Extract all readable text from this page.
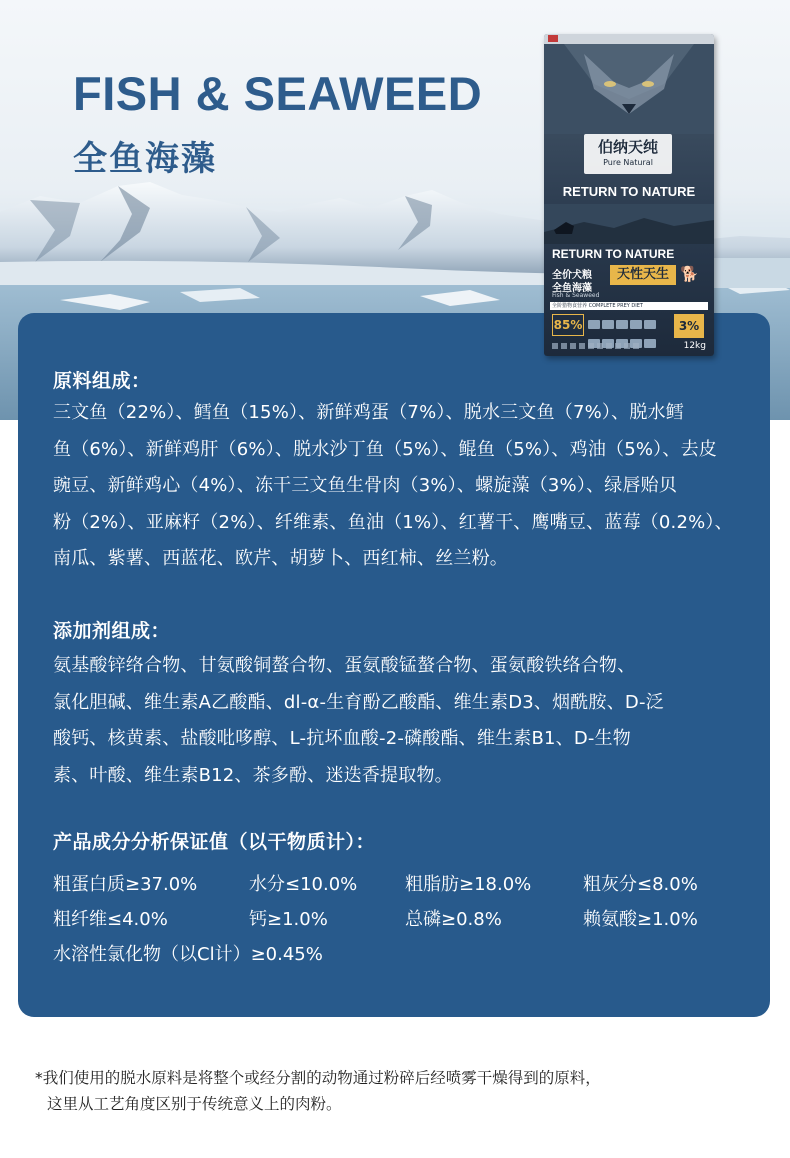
FISH & SEAWEED
全鱼海藻	伯纳天纯
Pure Natural
RETURN TO NATURE
RETURN TO NATURE
全价犬粮
全鱼海藻
Fish & Seaweed
天性天生 🐕
全阶猎物食营养 COMPLETE PREY DIET
85%
	3%
12kg
原料组成：
三文鱼（22%）、鳕鱼（15%）、新鲜鸡蛋（7%）、脱水三文鱼（7%）、脱水鳕
鱼（6%）、新鲜鸡肝（6%）、脱水沙丁鱼（5%）、鲲鱼（5%）、鸡油（5%）、去皮
豌豆、新鲜鸡心（4%）、冻干三文鱼生骨肉（3%）、螺旋藻（3%）、绿唇贻贝
粉（2%）、亚麻籽（2%）、纤维素、鱼油（1%）、红薯干、鹰嘴豆、蓝莓（0.2%）、
南瓜、紫薯、西蓝花、欧芹、胡萝卜、西红柿、丝兰粉。
添加剂组成：
氨基酸锌络合物、甘氨酸铜螯合物、蛋氨酸锰螯合物、蛋氨酸铁络合物、
氯化胆碱、维生素A乙酸酯、dl-α-生育酚乙酸酯、维生素D3、烟酰胺、D-泛
酸钙、核黄素、盐酸吡哆醇、L-抗坏血酸-2-磷酸酯、维生素B1、D-生物
素、叶酸、维生素B12、茶多酚、迷迭香提取物。
产品成分分析保证值（以干物质计）：
粗蛋白质≥37.0%	水分≤10.0%	粗脂肪≥18.0%	粗灰分≤8.0%
粗纤维≤4.0%	钙≥1.0%	总磷≥0.8%	赖氨酸≥1.0%
水溶性氯化物（以Cl计）≥0.45%

*我们使用的脱水原料是将整个或经分割的动物通过粉碎后经喷雾干燥得到的原料，
这里从工艺角度区别于传统意义上的肉粉。
